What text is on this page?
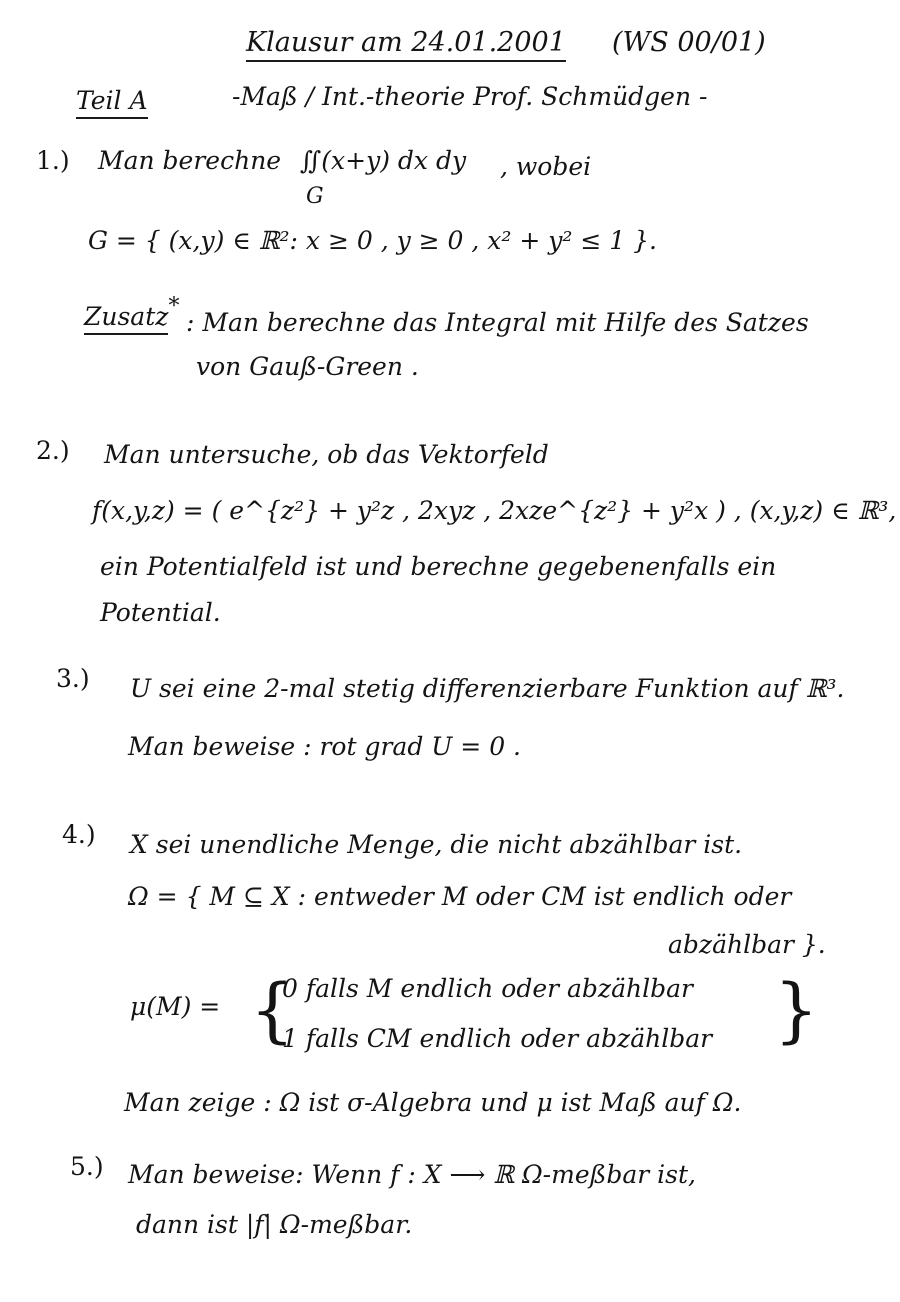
Klausur am 24.01.2001 (WS 00/01)
Teil A	-Maß / Int.-theorie Prof. Schmüdgen -
1.) Man berechne ∬(x+y) dx dy
G
, wobei
G = { (x,y) ∈ ℝ²: x ≥ 0 , y ≥ 0 , x² + y² ≤ 1 }.
Zusatz*
: Man berechne das Integral mit Hilfe des Satzes
von Gauß-Green .
2.) Man untersuche, ob das Vektorfeld
f(x,y,z) = ( e^{z²} + y²z , 2xyz , 2xze^{z²} + y²x ) , (x,y,z) ∈ ℝ³,
ein Potentialfeld ist und berechne gegebenenfalls ein
Potential.
3.) U sei eine 2-mal stetig differenzierbare Funktion auf ℝ³.
Man beweise : rot grad U = 0 .
4.) X sei unendliche Menge, die nicht abzählbar ist.
Ω = { M ⊆ X : entweder M oder CM ist endlich oder
abzählbar }.
μ(M) = {
0 falls M endlich oder abzählbar
1 falls CM endlich oder abzählbar }
Man zeige : Ω ist σ-Algebra und μ ist Maß auf Ω.
5.) Man beweise: Wenn f : X ⟶ ℝ Ω-meßbar ist,
dann ist |f| Ω-meßbar.
